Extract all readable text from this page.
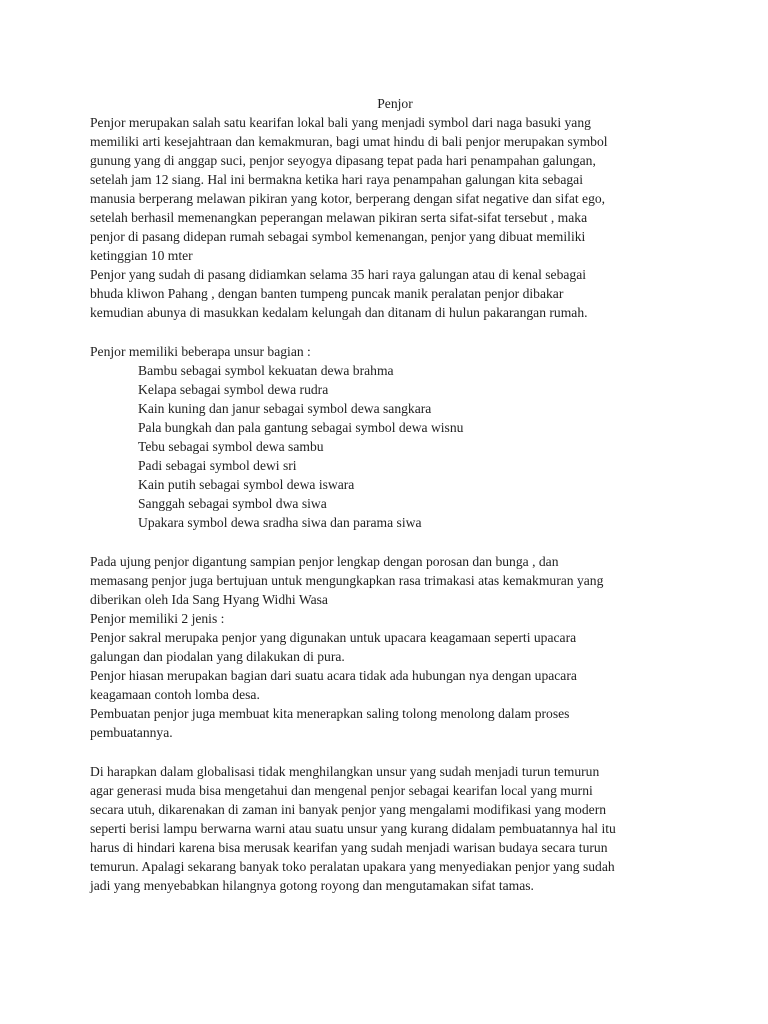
Penjor
Penjor merupakan salah satu kearifan lokal bali yang menjadi symbol dari naga basuki yang
memiliki arti kesejahtraan dan kemakmuran, bagi umat hindu di bali penjor merupakan symbol
gunung yang di anggap suci, penjor seyogya dipasang tepat pada hari penampahan galungan,
setelah jam 12 siang. Hal ini bermakna ketika hari raya penampahan galungan kita sebagai
manusia berperang melawan pikiran yang kotor, berperang dengan sifat negative dan sifat ego,
setelah berhasil memenangkan peperangan melawan pikiran serta sifat-sifat tersebut , maka
penjor di pasang didepan rumah sebagai symbol kemenangan, penjor yang dibuat memiliki
ketinggian 10 mter
Penjor yang sudah di pasang didiamkan selama 35 hari raya galungan atau di kenal sebagai
bhuda kliwon Pahang , dengan banten tumpeng puncak manik peralatan penjor dibakar
kemudian abunya di masukkan kedalam kelungah dan ditanam di hulun pakarangan rumah.
Penjor memiliki beberapa unsur bagian :
Bambu sebagai symbol kekuatan dewa brahma
Kelapa sebagai symbol dewa rudra
Kain kuning dan janur sebagai symbol dewa sangkara
Pala bungkah dan pala gantung sebagai symbol dewa wisnu
Tebu sebagai symbol dewa sambu
Padi sebagai symbol dewi sri
Kain putih sebagai symbol dewa iswara
Sanggah sebagai symbol dwa siwa
Upakara symbol dewa sradha siwa dan parama siwa
Pada ujung penjor digantung sampian penjor lengkap dengan porosan dan bunga , dan
memasang penjor juga bertujuan untuk mengungkapkan rasa trimakasi atas kemakmuran yang
diberikan oleh Ida Sang Hyang Widhi Wasa
Penjor memiliki 2 jenis :
Penjor sakral merupaka penjor yang digunakan untuk upacara keagamaan seperti upacara
galungan dan piodalan yang dilakukan di pura.
Penjor hiasan merupakan bagian dari suatu acara tidak ada hubungan nya dengan upacara
keagamaan contoh lomba desa.
Pembuatan penjor juga membuat kita menerapkan saling tolong menolong dalam proses
pembuatannya.
Di harapkan dalam globalisasi tidak menghilangkan unsur yang sudah menjadi turun temurun
agar generasi muda bisa mengetahui dan mengenal penjor sebagai kearifan local yang murni
secara utuh, dikarenakan di zaman ini banyak penjor yang mengalami modifikasi yang modern
seperti berisi lampu berwarna warni atau suatu unsur yang kurang didalam pembuatannya hal itu
harus di hindari karena bisa merusak kearifan yang sudah menjadi warisan budaya secara turun
temurun. Apalagi sekarang banyak toko peralatan upakara yang menyediakan penjor yang sudah
jadi yang menyebabkan hilangnya gotong royong dan mengutamakan sifat tamas.
